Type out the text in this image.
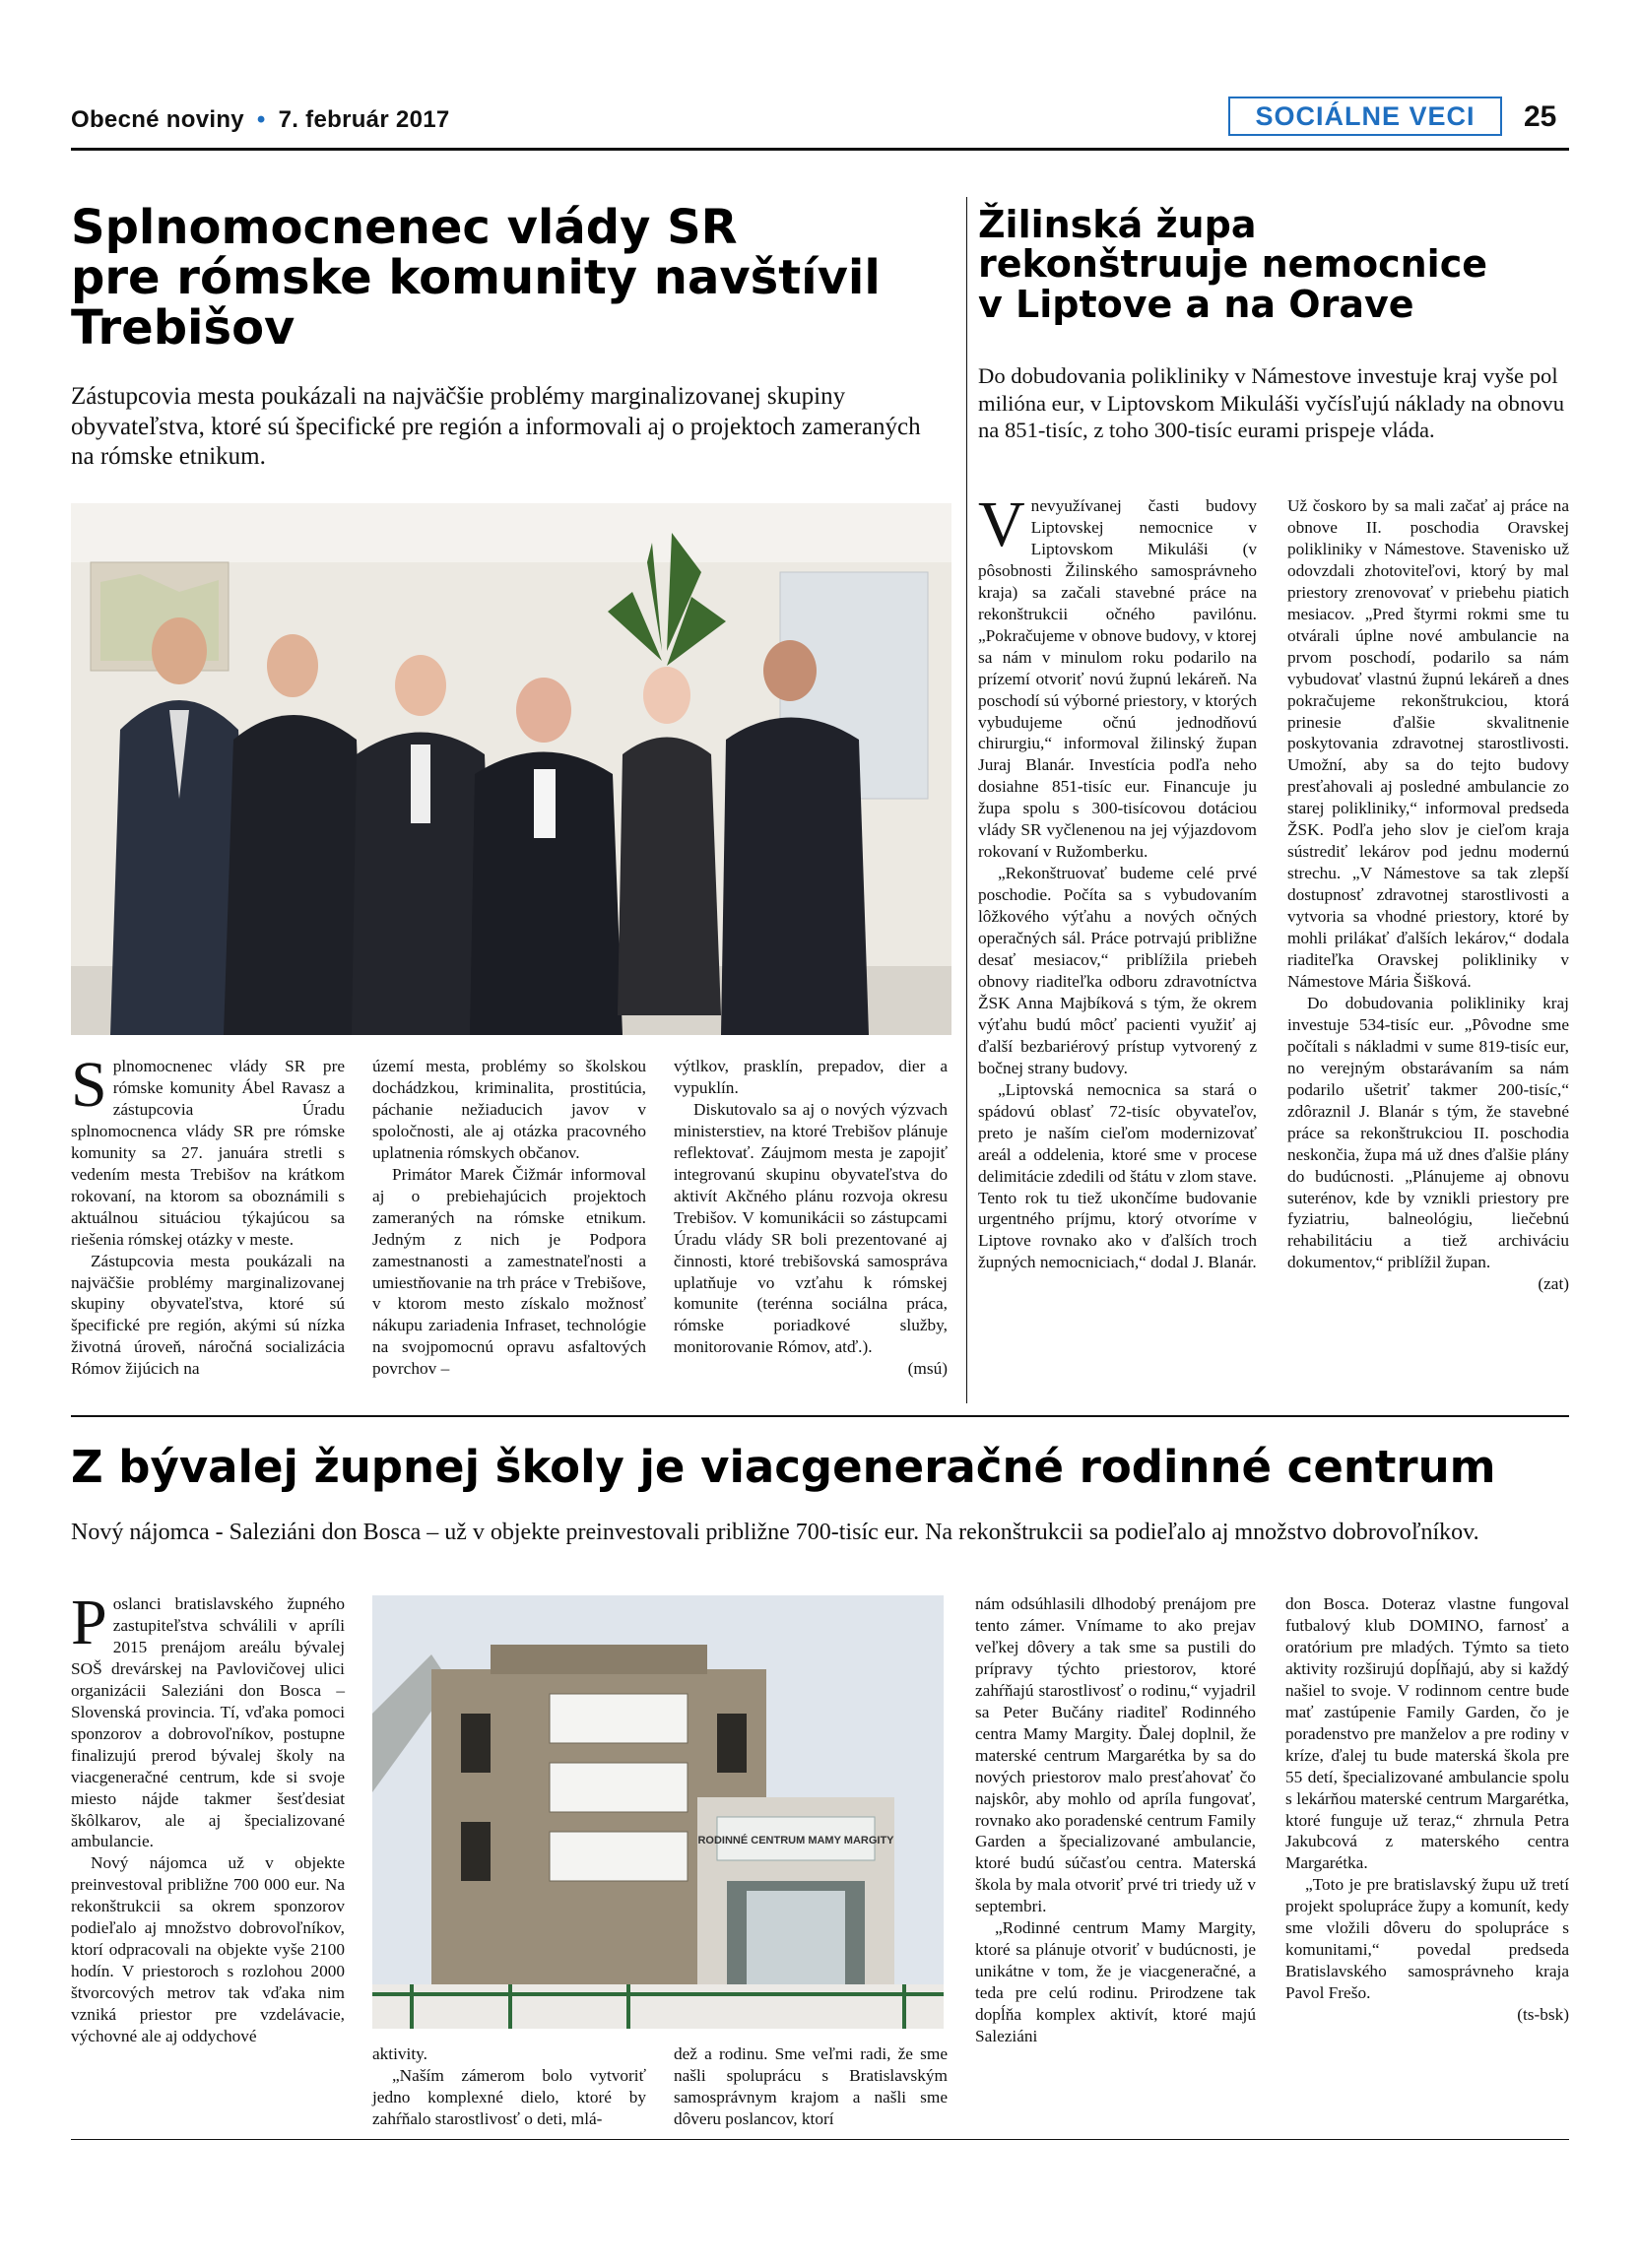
Obecné noviny • 7. február 2017	SOCIÁLNE VECI	25
Splnomocnenec vlády SR
pre rómske komunity navštívil
Trebišov
Zástupcovia mesta poukázali na najväčšie problémy marginalizovanej skupiny obyvateľstva, ktoré sú špecifické pre región a informovali aj o projektoch zameraných na rómske etnikum.
S plnomocnenec vlády SR pre rómske komunity Ábel Ravasz a zástupcovia Úradu splnomocnenca vlády SR pre rómske komunity sa 27. januára stretli s vedením mesta Trebišov na krátkom rokovaní, na ktorom sa oboznámili s aktuálnou situáciou týkajúcou sa riešenia rómskej otázky v meste.

Zástupcovia mesta poukázali na najväčšie problémy marginalizovanej skupiny obyvateľstva, ktoré sú špecifické pre región, akými sú nízka životná úroveň, náročná socializácia Rómov žijúcich na

území mesta, problémy so školskou dochádzkou, kriminalita, prostitúcia, páchanie nežiaducich javov v spoločnosti, ale aj otázka pracovného uplatnenia rómskych občanov.

Primátor Marek Čižmár informoval aj o prebiehajúcich projektoch zameraných na rómske etnikum. Jedným z nich je Podpora zamestnanosti a zamestnateľnosti a umiestňovanie na trh práce v Trebišove, v ktorom mesto získalo možnosť nákupu zariadenia Infraset, technológie na svojpomocnú opravu asfaltových povrchov –

výtlkov, prasklín, prepadov, dier a vypuklín.

Diskutovalo sa aj o nových výzvach ministerstiev, na ktoré Trebišov plánuje reflektovať. Záujmom mesta je zapojiť integrovanú skupinu obyvateľstva do aktivít Akčného plánu rozvoja okresu Trebišov. V komunikácii so zástupcami Úradu vlády SR boli prezentované aj činnosti, ktoré trebišovská samospráva uplatňuje vo vzťahu k rómskej komunite (terénna sociálna práca, rómske poriadkové služby, monitorovanie Rómov, atď.).

(msú)
Žilinská župa
rekonštruuje nemocnice
v Liptove a na Orave
Do dobudovania polikliniky v Námestove investuje kraj vyše pol milióna eur, v Liptovskom Mikuláši vyčísľujú náklady na obnovu na 851-tisíc, z toho 300-tisíc eurami prispeje vláda.
V nevyužívanej časti budovy Liptovskej nemocnice v Liptovskom Mikuláši (v pôsobnosti Žilinského samosprávneho kraja) sa začali stavebné práce na rekonštrukcii očného pavilónu. „Pokračujeme v obnove budovy, v ktorej sa nám v minulom roku podarilo na prízemí otvoriť novú župnú lekáreň. Na poschodí sú výborné priestory, v ktorých vybudujeme očnú jednodňovú chirurgiu,“ informoval žilinský župan Juraj Blanár. Investícia podľa neho dosiahne 851-tisíc eur. Financuje ju župa spolu s 300-tisícovou dotáciou vlády SR vyčlenenou na jej výjazdovom rokovaní v Ružomberku.

„Rekonštruovať budeme celé prvé poschodie. Počíta sa s vybudovaním lôžkového výťahu a nových očných operačných sál. Práce potrvajú približne desať mesiacov,“ priblížila priebeh obnovy riaditeľka odboru zdravotníctva ŽSK Anna Majbíková s tým, že okrem výťahu budú môcť pacienti využiť aj ďalší bezbariérový prístup vytvorený z bočnej strany budovy.

„Liptovská nemocnica sa stará o spádovú oblasť 72-tisíc obyvateľov, preto je naším cieľom modernizovať areál a oddelenia, ktoré sme v procese delimitácie zdedili od štátu v zlom stave. Tento rok tu tiež ukončíme budovanie urgentného príjmu, ktorý otvoríme v Liptove rovnako ako v ďalších troch župných nemocniciach,“ dodal J. Blanár.

Už čoskoro by sa mali začať aj práce na obnove II. poschodia Oravskej polikliniky v Námestove. Stavenisko už odovzdali zhotoviteľovi, ktorý by mal priestory zrenovovať v priebehu piatich mesiacov. „Pred štyrmi rokmi sme tu otvárali úplne nové ambulancie na prvom poschodí, podarilo sa nám vybudovať vlastnú župnú lekáreň a dnes pokračujeme rekonštrukciou, ktorá prinesie ďalšie skvalitnenie poskytovania zdravotnej starostlivosti. Umožní, aby sa do tejto budovy presťahovali aj posledné ambulancie zo starej polikliniky,“ informoval predseda ŽSK. Podľa jeho slov je cieľom kraja sústrediť lekárov pod jednu modernú strechu. „V Námestove sa tak zlepší dostupnosť zdravotnej starostlivosti a vytvoria sa vhodné priestory, ktoré by mohli prilákať ďalších lekárov,“ dodala riaditeľka Oravskej polikliniky v Námestove Mária Šišková.

Do dobudovania polikliniky kraj investuje 534-tisíc eur. „Pôvodne sme počítali s nákladmi v sume 819-tisíc eur, no verejným obstarávaním sa nám podarilo ušetriť takmer 200-tisíc,“ zdôraznil J. Blanár s tým, že stavebné práce sa rekonštrukciou II. poschodia neskončia, župa má už dnes ďalšie plány do budúcnosti. „Plánujeme aj obnovu suterénov, kde by vznikli priestory pre fyziatriu, balneológiu, liečebnú rehabilitáciu a tiež archiváciu dokumentov,“ priblížil župan.

(zat)
Z bývalej župnej školy je viacgeneračné rodinné centrum
Nový nájomca - Saleziáni don Bosca – už v objekte preinvestovali približne 700-tisíc eur. Na rekonštrukcii sa podieľalo aj množstvo dobrovoľníkov.
P oslanci bratislavského župného zastupiteľstva schválili v apríli 2015 prenájom areálu bývalej SOŠ drevárskej na Pavlovičovej ulici organizácii Saleziáni don Bosca – Slovenská provincia. Tí, vďaka pomoci sponzorov a dobrovoľníkov, postupne finalizujú prerod bývalej školy na viacgeneračné centrum, kde si svoje miesto nájde takmer šesťdesiat škôlkarov, ale aj špecializované ambulancie.

Nový nájomca už v objekte preinvestoval približne 700 000 eur. Na rekonštrukcii sa okrem sponzorov podieľalo aj množstvo dobrovoľníkov, ktorí odpracovali na objekte vyše 2100 hodín. V priestoroch s rozlohou 2000 štvorcových metrov tak vďaka nim vzniká priestor pre vzdelávacie, výchovné ale aj oddychové

RODINNÉ CENTRUM MAMY MARGITY

aktivity.

„Naším zámerom bolo vytvoriť jedno komplexné dielo, ktoré by zahŕňalo starostlivosť o deti, mlá-

dež a rodinu. Sme veľmi radi, že sme našli spoluprácu s Bratislavským samosprávnym krajom a našli sme dôveru poslancov, ktorí

nám odsúhlasili dlhodobý prenájom pre tento zámer. Vnímame to ako prejav veľkej dôvery a tak sme sa pustili do prípravy týchto priestorov, ktoré zahŕňajú starostlivosť o rodinu,“ vyjadril sa Peter Bučány riaditeľ Rodinného centra Mamy Margity. Ďalej doplnil, že materské centrum Margarétka by sa do nových priestorov malo presťahovať čo najskôr, aby mohlo od apríla fungovať, rovnako ako poradenské centrum Family Garden a špecializované ambulancie, ktoré budú súčasťou centra. Materská škola by mala otvoriť prvé tri triedy už v septembri.

„Rodinné centrum Mamy Margity, ktoré sa plánuje otvoriť v budúcnosti, je unikátne v tom, že je viacgeneračné, a teda pre celú rodinu. Prirodzene tak dopĺňa komplex aktivít, ktoré majú Saleziáni

don Bosca. Doteraz vlastne fungoval futbalový klub DOMINO, farnosť a oratórium pre mladých. Týmto sa tieto aktivity rozširujú dopĺňajú, aby si každý našiel to svoje. V rodinnom centre bude mať zastúpenie Family Garden, čo je poradenstvo pre manželov a pre rodiny v kríze, ďalej tu bude materská škola pre 55 detí, špecializované ambulancie spolu s lekárňou materské centrum Margarétka, ktoré funguje už teraz,“ zhrnula Petra Jakubcová z materského centra Margarétka.

„Toto je pre bratislavský župu už tretí projekt spolupráce župy a komunít, kedy sme vložili dôveru do spolupráce s komunitami,“ povedal predseda Bratislavského samosprávneho kraja Pavol Frešo.

(ts-bsk)
